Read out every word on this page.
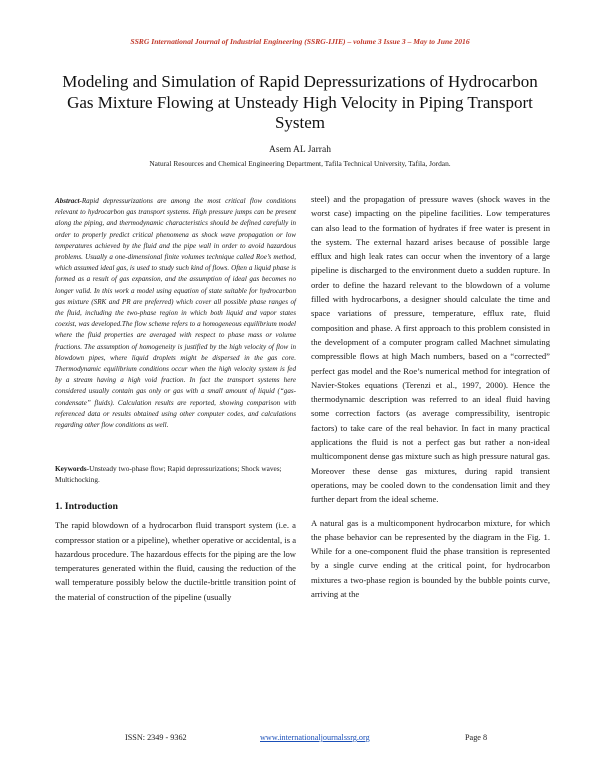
SSRG International Journal of Industrial Engineering (SSRG-IJIE) – volume 3 Issue 3 – May to June 2016
Modeling and Simulation of Rapid Depressurizations of Hydrocarbon Gas Mixture Flowing at Unsteady High Velocity in Piping Transport System
Asem AL Jarrah
Natural Resources and Chemical Engineering Department, Tafila Technical University, Tafila, Jordan.

Abstract-Rapid depressurizations are among the most critical flow conditions relevant to hydrocarbon gas transport systems. High pressure jumps can be present along the piping, and thermodynamic characteristics should be defined carefully in order to properly predict critical phenomena as shock wave propagation or low temperatures achieved by the fluid and the pipe wall in order to avoid hazardous problems. Usually a one-dimensional finite volumes technique called Roe’s method, which assumed ideal gas, is used to study such kind of flows. Often a liquid phase is formed as a result of gas expansion, and the assumption of ideal gas becomes no longer valid. In this work a model using equation of state suitable for hydrocarbon gas mixture (SRK and PR are preferred) which cover all possible phase ranges of the fluid, including the two-phase region in which both liquid and vapor states coexist, was developed.The flow scheme refers to a homogeneous equilibrium model where the fluid properties are averaged with respect to phase mass or volume fractions. The assumption of homogeneity is justified by the high velocity of flow in blowdown pipes, where liquid droplets might be dispersed in the gas core. Thermodynamic equilibrium conditions occur when the high velocity system is fed by a stream having a high void fraction. In fact the transport systems here considered usually contain gas only or gas with a small amount of liquid (“gas-condensate” fluids). Calculation results are reported, showing comparison with referenced data or results obtained using other computer codes, and calculations regarding other flow conditions as well.

Keywords-Unsteady two-phase flow; Rapid depressurizations; Shock waves; Multichocking.

1. Introduction

The rapid blowdown of a hydrocarbon fluid transport system (i.e. a compressor station or a pipeline), whether operative or accidental, is a hazardous procedure. The hazardous effects for the piping are the low temperatures generated within the fluid, causing the reduction of the wall temperature possibly below the ductile-brittle transition point of the material of construction of the pipeline (usually

steel) and the propagation of pressure waves (shock waves in the worst case) impacting on the pipeline facilities. Low temperatures can also lead to the formation of hydrates if free water is present in the system. The external hazard arises because of possible large efflux and high leak rates can occur when the inventory of a large pipeline is discharged to the environment dueto a sudden rupture. In order to define the hazard relevant to the blowdown of a volume filled with hydrocarbons, a designer should calculate the time and space variations of pressure, temperature, efflux rate, fluid composition and phase. A first approach to this problem consisted in the development of a computer program called Machnet simulating compressible flows at high Mach numbers, based on a “corrected” perfect gas model and the Roe’s numerical method for integration of Navier-Stokes equations (Terenzi et al., 1997, 2000). Hence the thermodynamic description was referred to an ideal fluid having some correction factors (as average compressibility, isentropic factors) to take care of the real behavior. In fact in many practical applications the fluid is not a perfect gas but rather a non-ideal multicomponent dense gas mixture such as high pressure natural gas. Moreover these dense gas mixtures, during rapid transient operations, may be cooled down to the condensation limit and they further depart from the ideal scheme.

A natural gas is a multicomponent hydrocarbon mixture, for which the phase behavior can be represented by the diagram in the Fig. 1. While for a one-component fluid the phase transition is represented by a single curve ending at the critical point, for hydrocarbon mixtures a two-phase region is bounded by the bubble points curve, arriving at the

ISSN: 2349 - 9362	www.internationaljournalssrg.org	Page 8
